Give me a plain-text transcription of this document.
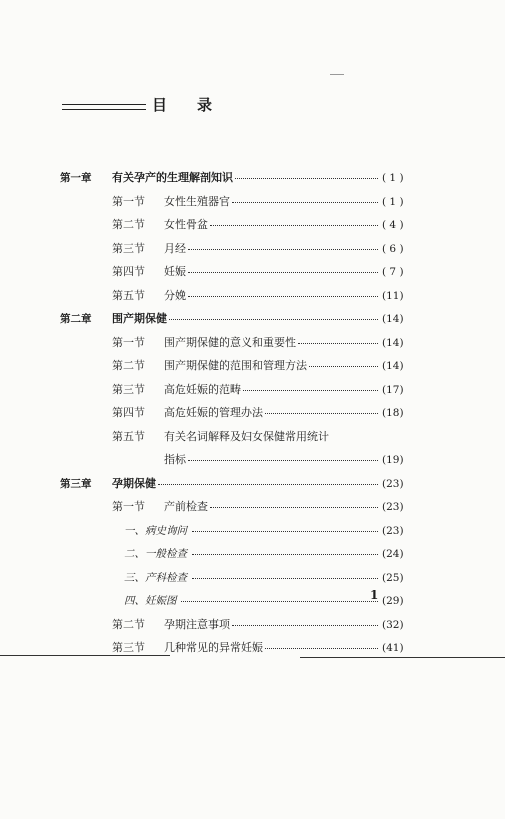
目 录
第一章 有关孕产的生理解剖知识	( 1 )
第一节 女性生殖器官	( 1 )
第二节 女性骨盆	( 4 )
第三节 月经	( 6 )
第四节 妊娠	( 7 )
第五节 分娩	(11)
第二章 围产期保健	(14)
第一节 围产期保健的意义和重要性	(14)
第二节 围产期保健的范围和管理方法	(14)
第三节 高危妊娠的范畴	(17)
第四节 高危妊娠的管理办法	(18)
第五节 有关名词解释及妇女保健常用统计
指标	(19)
第三章 孕期保健	(23)
第一节 产前检查	(23)
一、病史询问	(23)
二、一般检查	(24)
三、产科检查	(25)
四、妊娠图	(29)
第二节 孕期注意事项	(32)
第三节 几种常见的异常妊娠	(41)
1
